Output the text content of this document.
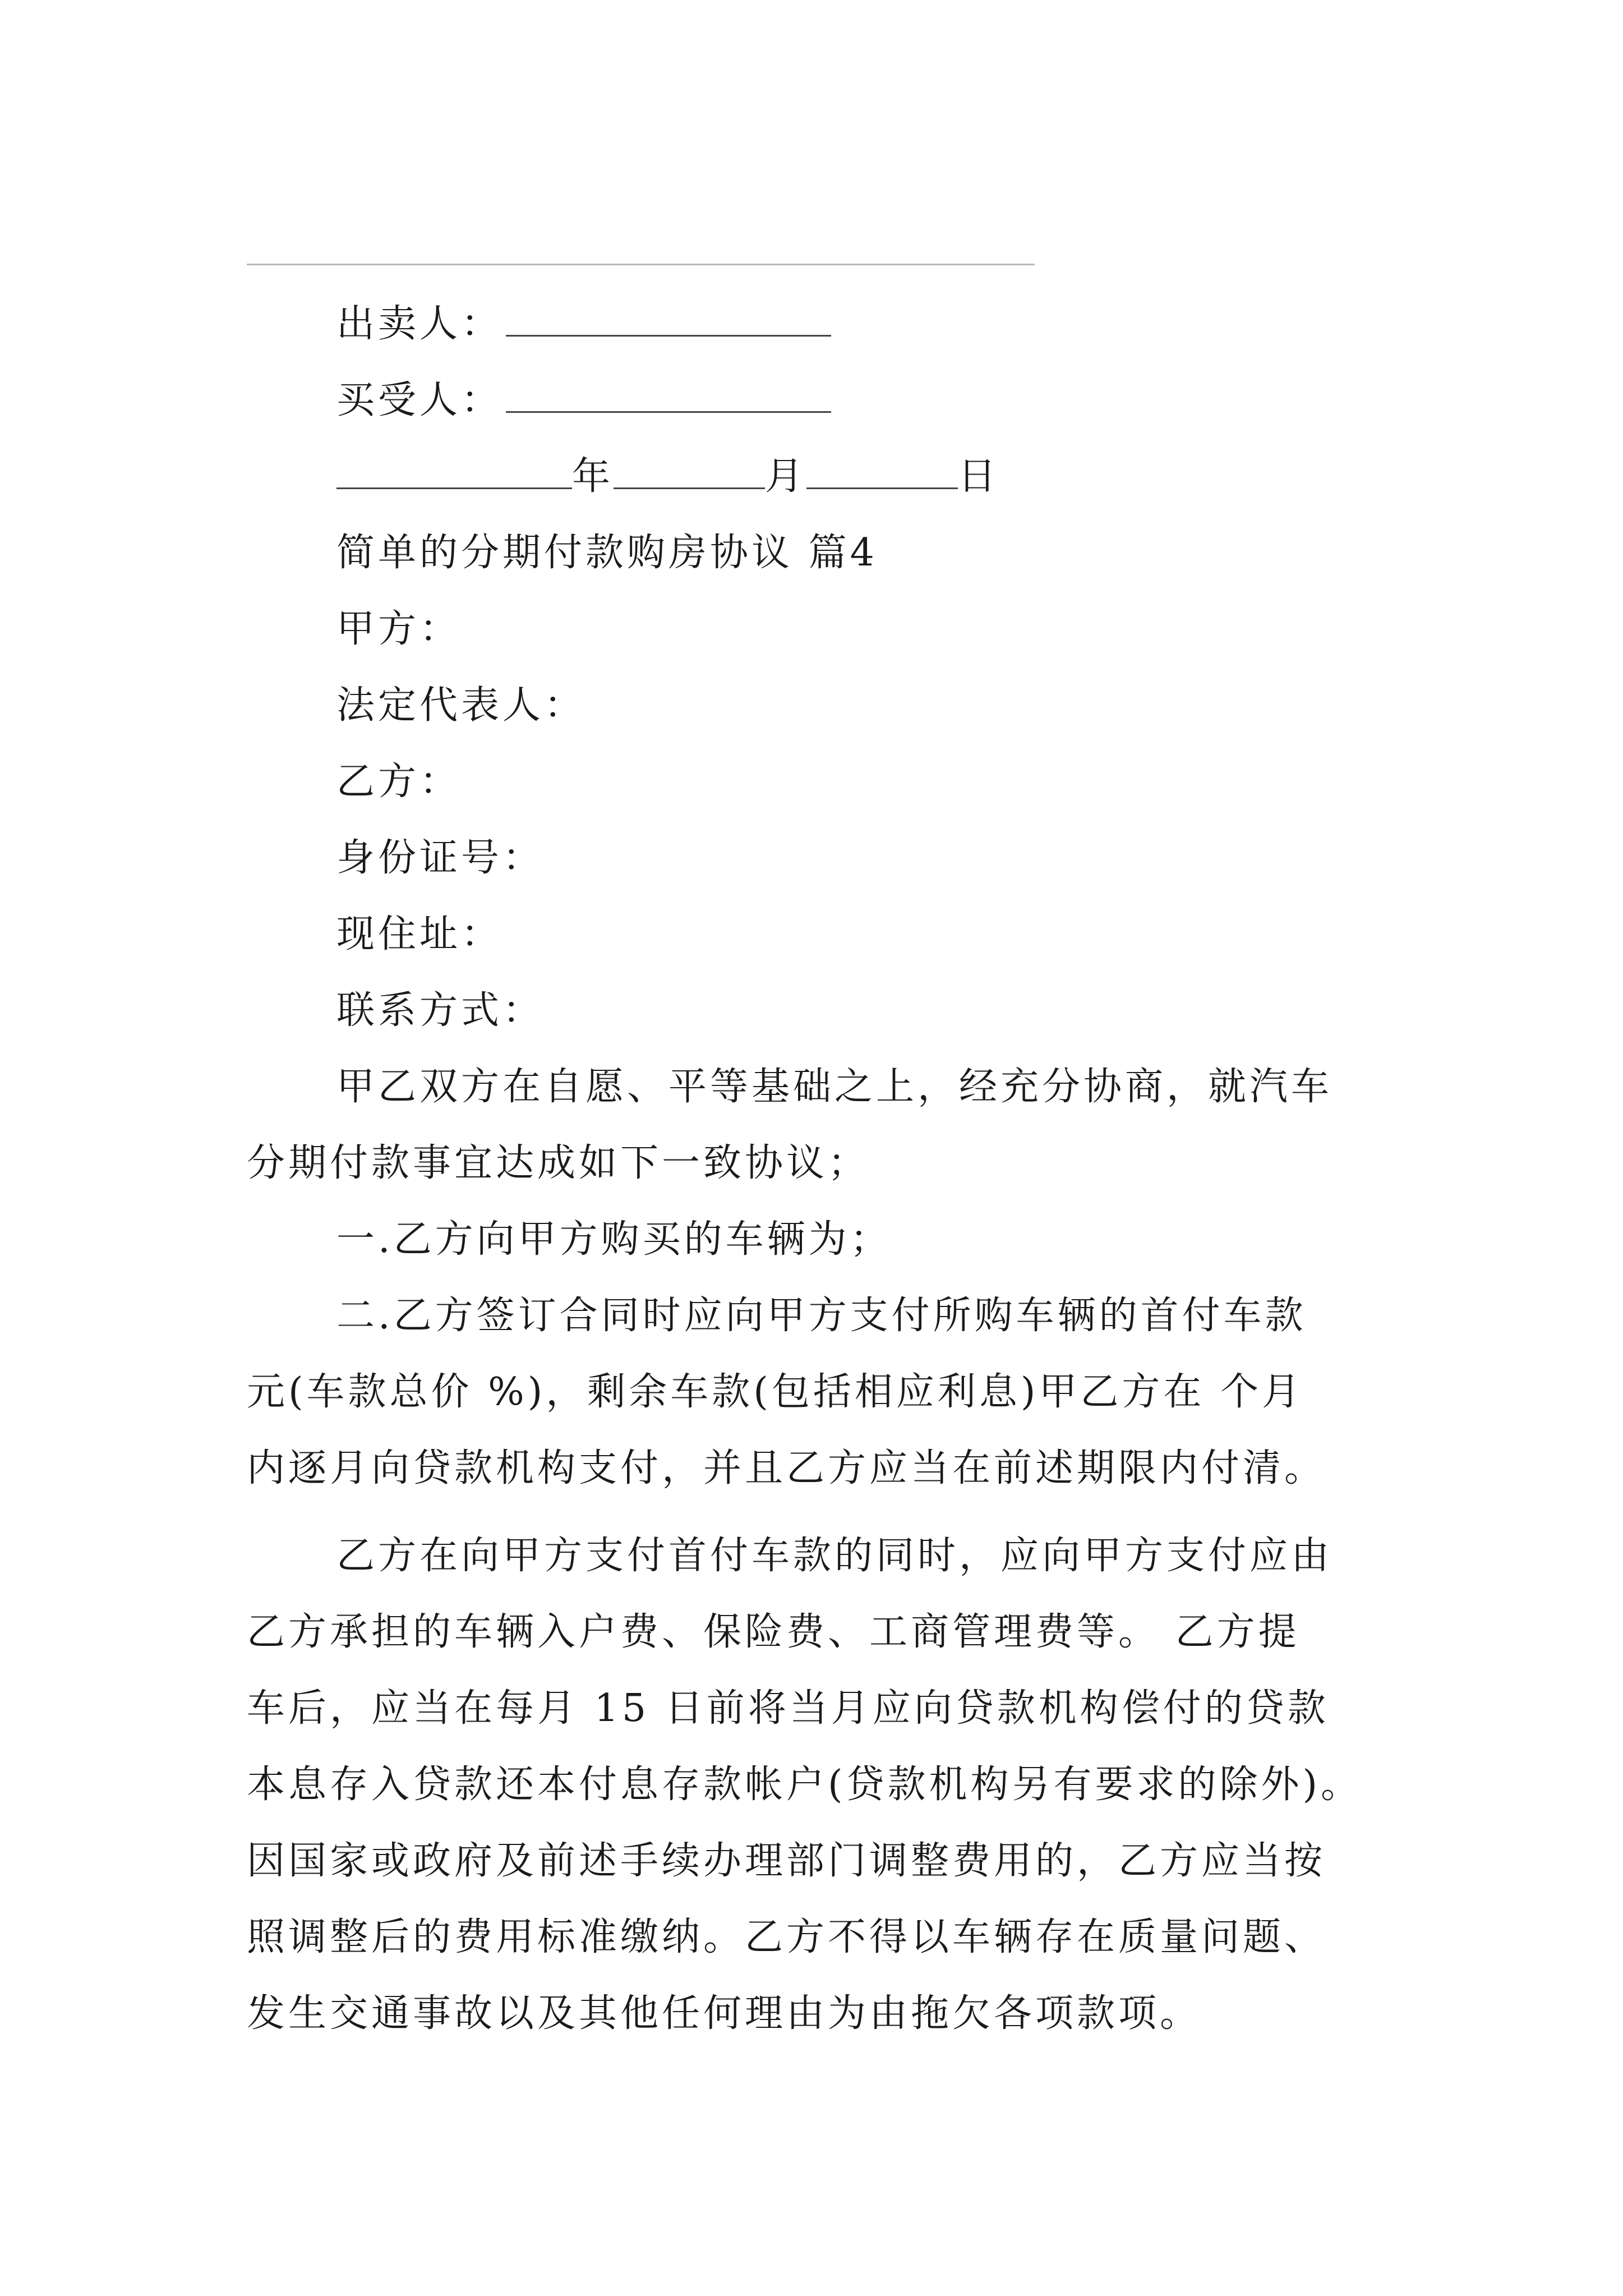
出卖人：
买受人：
年	月	日
简单的分期付款购房协议 篇4
甲方：
法定代表人：
乙方：
身份证号：
现住址：
联系方式：
甲乙双方在自愿、平等基础之上，经充分协商，就汽车
分期付款事宜达成如下一致协议；
一.乙方向甲方购买的车辆为；
二.乙方签订合同时应向甲方支付所购车辆的首付车款
元(车款总价 %)，剩余车款(包括相应利息)甲乙方在 个月
内逐月向贷款机构支付，并且乙方应当在前述期限内付清。
乙方在向甲方支付首付车款的同时，应向甲方支付应由
乙方承担的车辆入户费、保险费、工商管理费等。 乙方提
车后，应当在每月 15 日前将当月应向贷款机构偿付的贷款
本息存入贷款还本付息存款帐户(贷款机构另有要求的除外)。
因国家或政府及前述手续办理部门调整费用的，乙方应当按
照调整后的费用标准缴纳。乙方不得以车辆存在质量问题、
发生交通事故以及其他任何理由为由拖欠各项款项。
